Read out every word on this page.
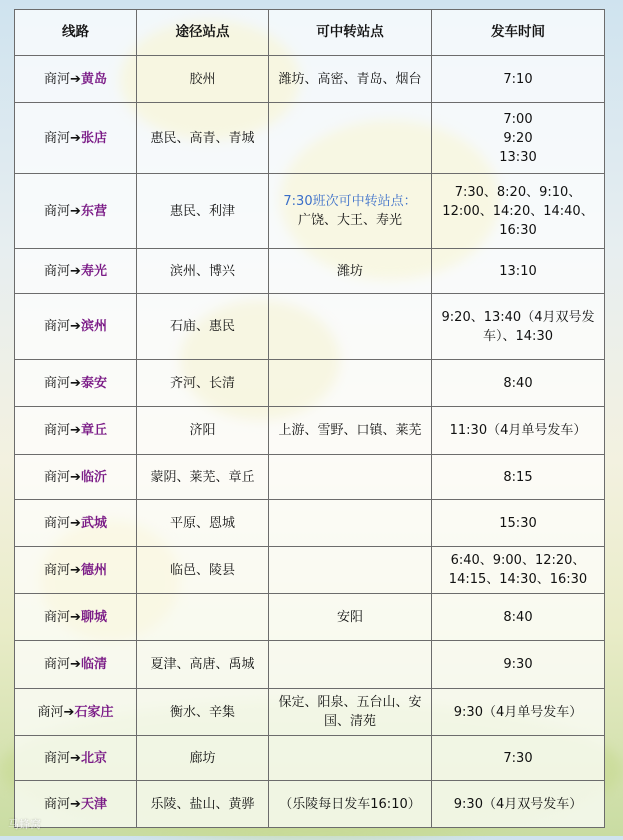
线路	途径站点	可中转站点	发车时间
商河➔黄岛	胶州	潍坊、高密、青岛、烟台	7:10

商河➔张店	惠民、高青、青城		7:00
9:20
13:30

商河➔东营	惠民、利津	7:30班次可中转站点：
广饶、大王、寿光	7:30、8:20、9:10、12:00、14:20、14:40、16:30

商河➔寿光	滨州、博兴	潍坊	13:10

商河➔滨州	石庙、惠民		9:20、13:40（4月双号发车）、14:30

商河➔泰安	齐河、长清		8:40

商河➔章丘	济阳	上游、雪野、口镇、莱芜	11:30（4月单号发车）

商河➔临沂	蒙阴、莱芜、章丘		8:15

商河➔武城	平原、恩城		15:30

商河➔德州	临邑、陵县		6:40、9:00、12:20、14:15、14:30、16:30

商河➔聊城		安阳	8:40

商河➔临清	夏津、高唐、禹城		9:30

商河➔石家庄	衡水、辛集	保定、阳泉、五台山、安国、清苑	9:30（4月单号发车）

商河➔北京	廊坊		7:30

商河➔天津	乐陵、盐山、黄骅	（乐陵每日发车16:10）	9:30（4月双号发车）
马蜂窝
